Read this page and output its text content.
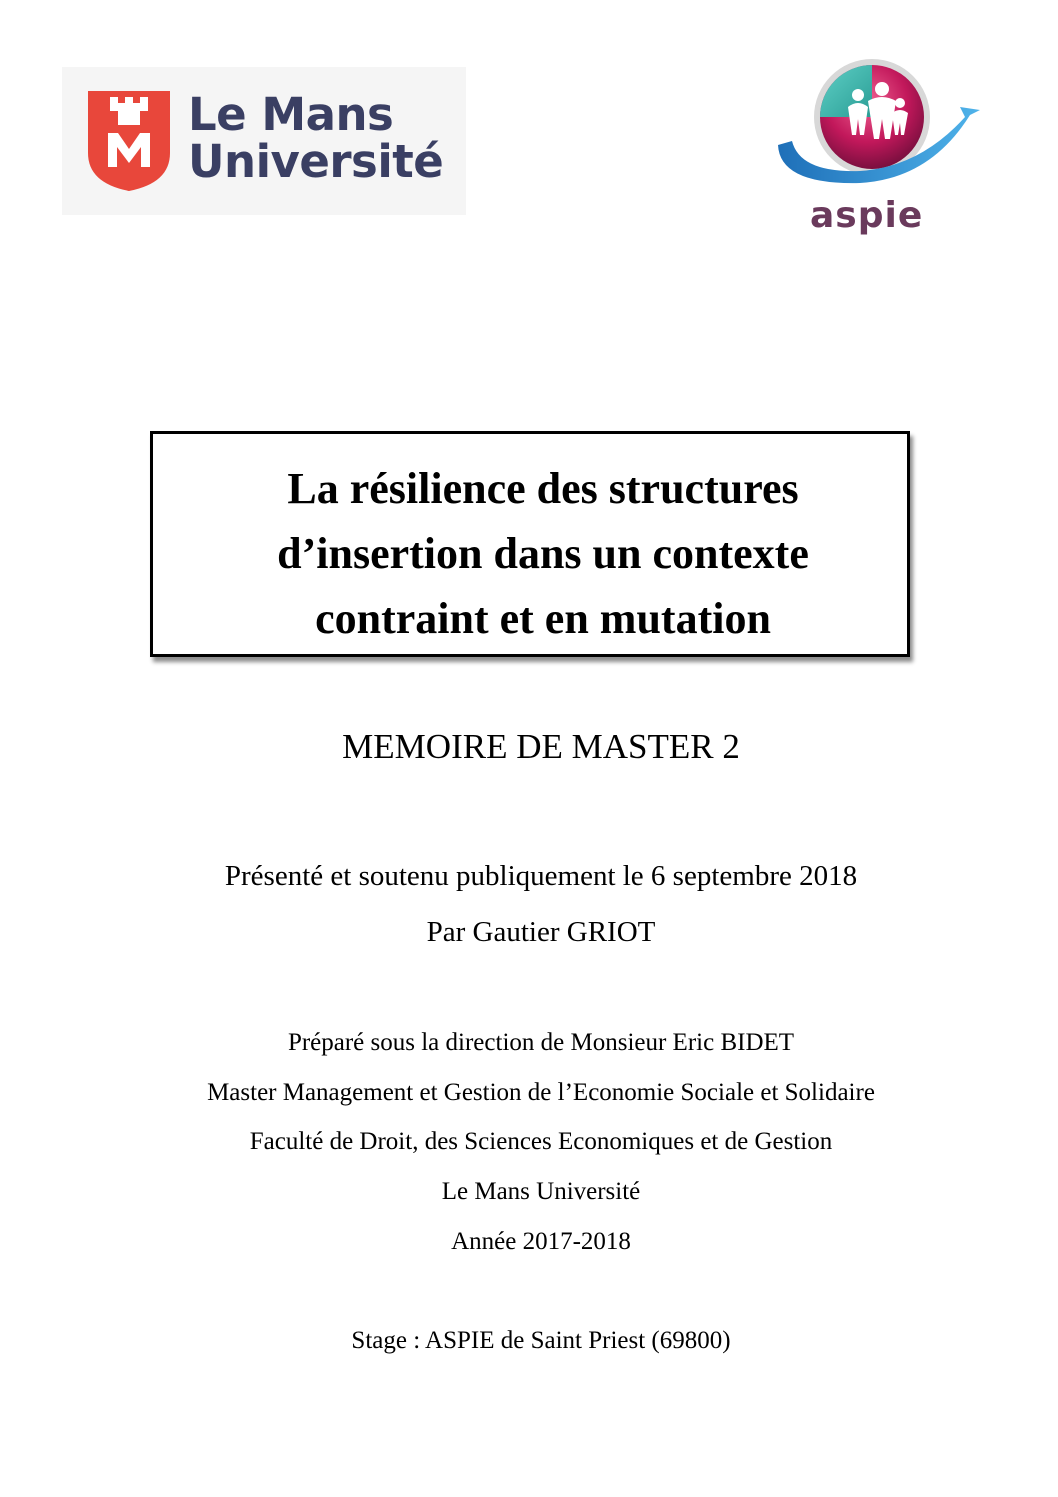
Le Mans
Université
aspie
La résilience des structures
d’insertion dans un contexte
contraint et en mutation
MEMOIRE DE MASTER 2
Présenté et soutenu publiquement le 6 septembre 2018
Par Gautier GRIOT
Préparé sous la direction de Monsieur Eric BIDET
Master Management et Gestion de l’Economie Sociale et Solidaire
Faculté de Droit, des Sciences Economiques et de Gestion
Le Mans Université
Année 2017-2018
Stage : ASPIE de Saint Priest (69800)
